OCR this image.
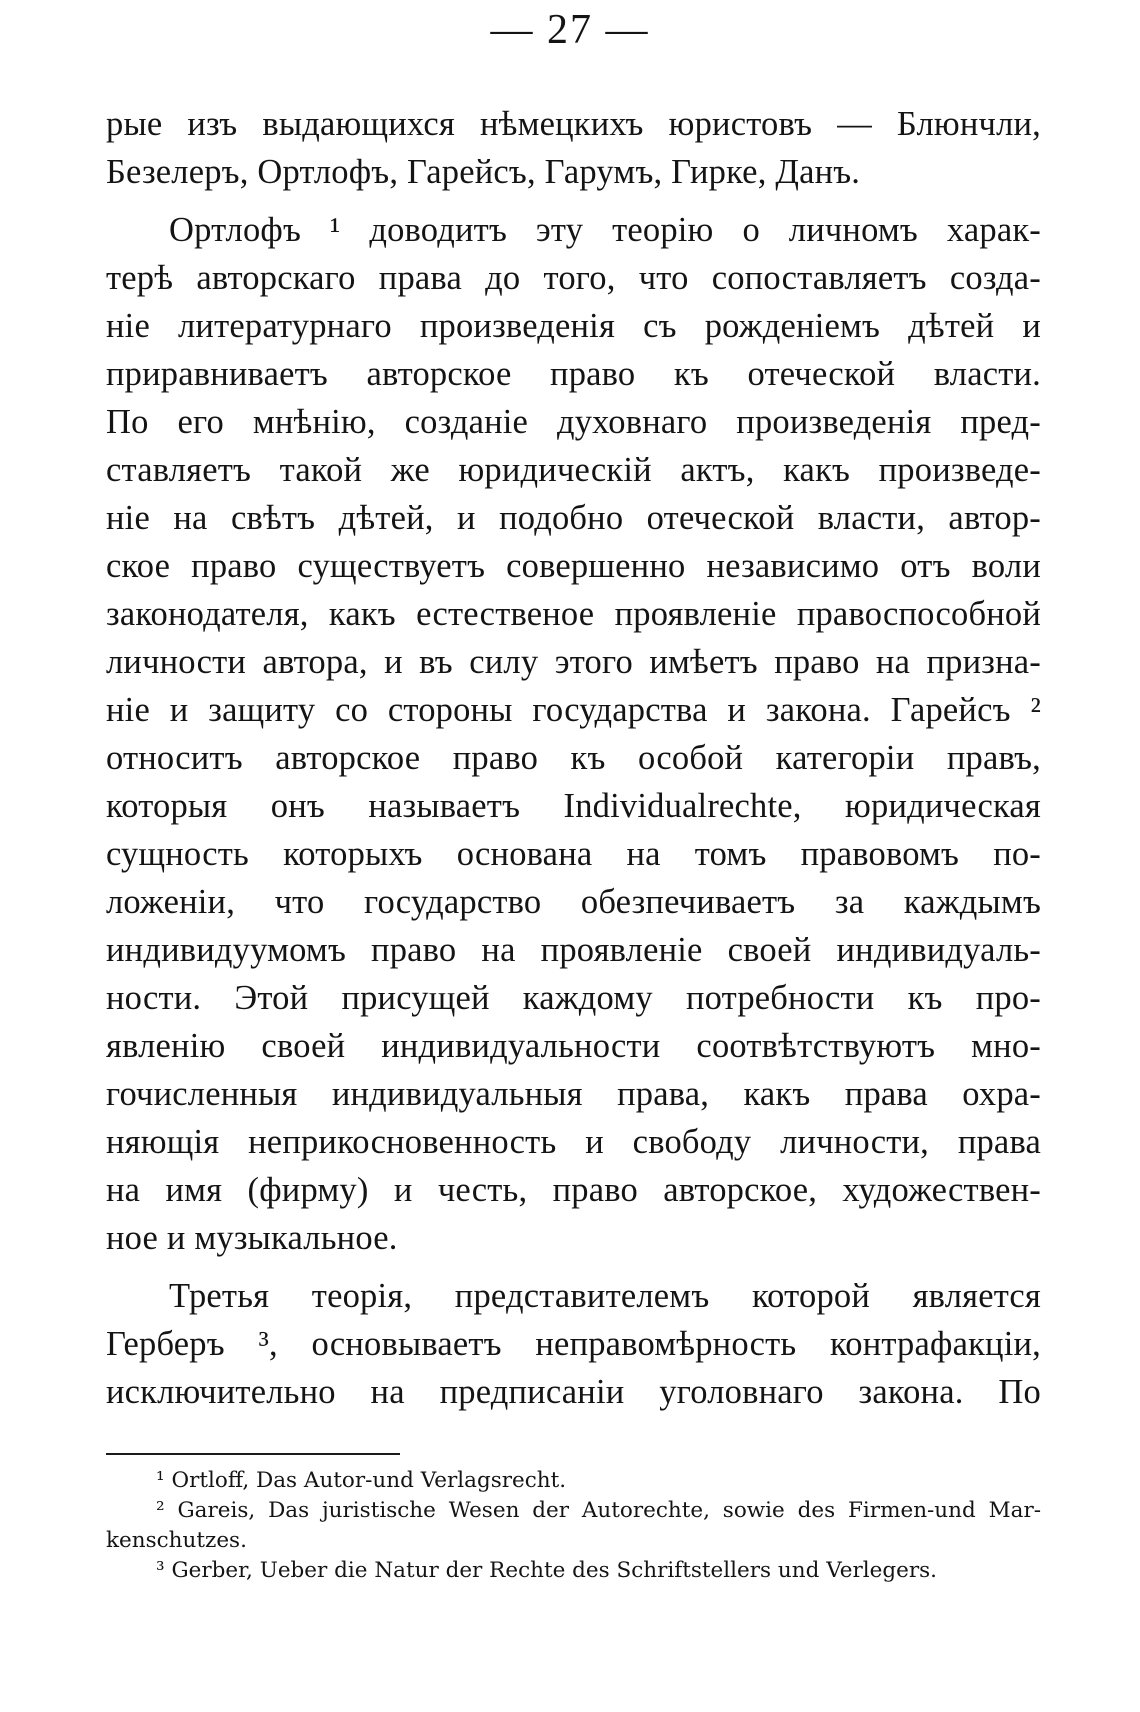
— 27 —
рые изъ выдающихся нѣмецкихъ юристовъ — Блюнчли,
Безелеръ, Ортлофъ, Гарейсъ, Гарумъ, Гирке, Данъ.
Ортлофъ ¹ доводитъ эту теорію о личномъ харак-
терѣ авторскаго права до того, что сопоставляетъ созда-
ніе литературнаго произведенія съ рожденіемъ дѣтей и
приравниваетъ авторское право къ отеческой власти.
По его мнѣнію, созданіе духовнаго произведенія пред-
ставляетъ такой же юридическій актъ, какъ произведе-
ніе на свѣтъ дѣтей, и подобно отеческой власти, автор-
ское право существуетъ совершенно независимо отъ воли
законодателя, какъ естественое проявленіе правоспособной
личности автора, и въ силу этого имѣетъ право на призна-
ніе и защиту со стороны государства и закона. Гарейсъ ²
относитъ авторское право къ особой категоріи правъ,
которыя онъ называетъ Individualrechte, юридическая
сущность которыхъ основана на томъ правовомъ по-
ложеніи, что государство обезпечиваетъ за каждымъ
индивидуумомъ право на проявленіе своей индивидуаль-
ности. Этой присущей каждому потребности къ про-
явленію своей индивидуальности соотвѣтствуютъ мно-
гочисленныя индивидуальныя права, какъ права охра-
няющія неприкосновенность и свободу личности, права
на имя (фирму) и честь, право авторское, художествен-
ное и музыкальное.
Третья теорія, представителемъ которой является
Герберъ ³, основываетъ неправомѣрность контрафакціи,
исключительно на предписаніи уголовнаго закона. По
¹ Ortloff, Das Autor-und Verlagsrecht.
² Gareis, Das juristische Wesen der Autorechte, sowie des Firmen-und Mar-
kenschutzes.
³ Gerber, Ueber die Natur der Rechte des Schriftstellers und Verlegers.
